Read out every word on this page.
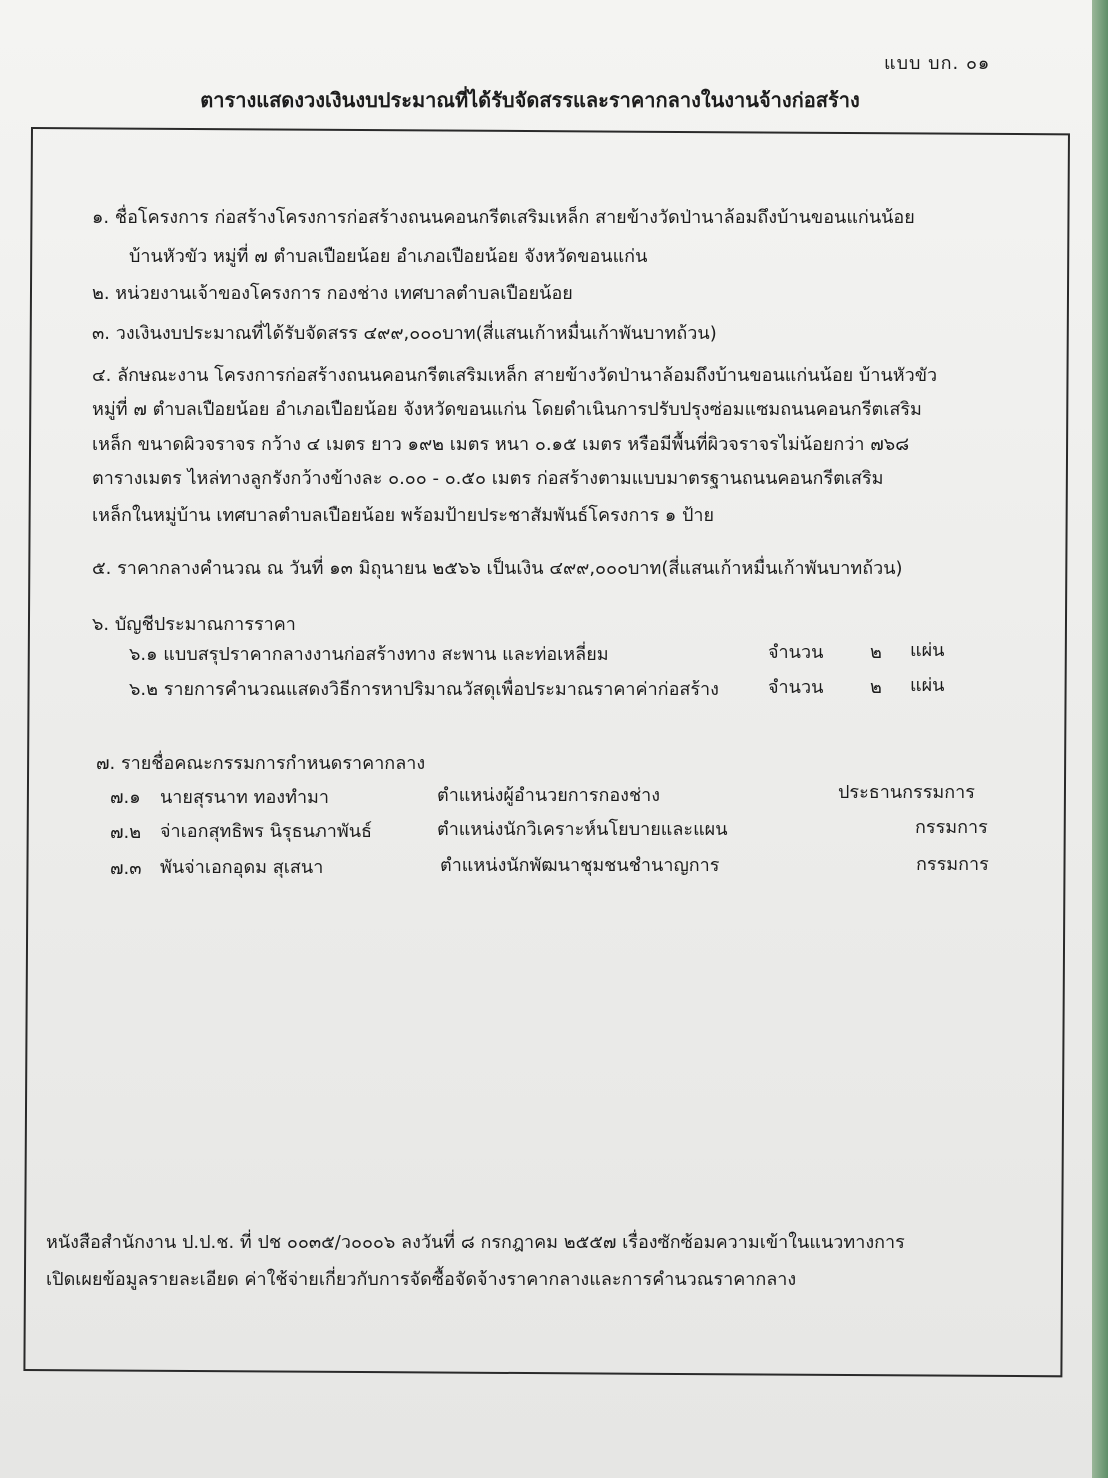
แบบ บก. ๐๑
ตารางแสดงวงเงินงบประมาณที่ได้รับจัดสรรและราคากลางในงานจ้างก่อสร้าง
๑. ชื่อโครงการ ก่อสร้างโครงการก่อสร้างถนนคอนกรีตเสริมเหล็ก สายข้างวัดป่านาล้อมถึงบ้านขอนแก่นน้อย
บ้านหัวขัว หมู่ที่ ๗ ตำบลเปือยน้อย อำเภอเปือยน้อย จังหวัดขอนแก่น
๒. หน่วยงานเจ้าของโครงการ กองช่าง เทศบาลตำบลเปือยน้อย
๓. วงเงินงบประมาณที่ได้รับจัดสรร ๔๙๙,๐๐๐บาท(สี่แสนเก้าหมื่นเก้าพันบาทถ้วน)
๔. ลักษณะงาน โครงการก่อสร้างถนนคอนกรีตเสริมเหล็ก สายข้างวัดป่านาล้อมถึงบ้านขอนแก่นน้อย บ้านหัวขัว
หมู่ที่ ๗ ตำบลเปือยน้อย อำเภอเปือยน้อย จังหวัดขอนแก่น โดยดำเนินการปรับปรุงซ่อมแซมถนนคอนกรีตเสริม
เหล็ก ขนาดผิวจราจร กว้าง ๔ เมตร ยาว ๑๙๒ เมตร หนา ๐.๑๕ เมตร หรือมีพื้นที่ผิวจราจรไม่น้อยกว่า ๗๖๘
ตารางเมตร ไหล่ทางลูกรังกว้างข้างละ ๐.๐๐ - ๐.๕๐ เมตร ก่อสร้างตามแบบมาตรฐานถนนคอนกรีตเสริม
เหล็กในหมู่บ้าน เทศบาลตำบลเปือยน้อย พร้อมป้ายประชาสัมพันธ์โครงการ ๑ ป้าย
๕. ราคากลางคำนวณ ณ วันที่ ๑๓ มิถุนายน ๒๕๖๖ เป็นเงิน ๔๙๙,๐๐๐บาท(สี่แสนเก้าหมื่นเก้าพันบาทถ้วน)
๖. บัญชีประมาณการราคา
๖.๑ แบบสรุปราคากลางงานก่อสร้างทาง สะพาน และท่อเหลี่ยม	จำนวน	๒ แผ่น
๖.๒ รายการคำนวณแสดงวิธีการหาปริมาณวัสดุเพื่อประมาณราคาค่าก่อสร้าง	จำนวน	๒ แผ่น
๗. รายชื่อคณะกรรมการกำหนดราคากลาง
๗.๑ นายสุรนาท ทองทำมา	ตำแหน่งผู้อำนวยการกองช่าง	ประธานกรรมการ
๗.๒ จ่าเอกสุทธิพร นิรุธนภาพันธ์	ตำแหน่งนักวิเคราะห์นโยบายและแผน	กรรมการ
๗.๓ พันจ่าเอกอุดม สุเสนา	ตำแหน่งนักพัฒนาชุมชนชำนาญการ	กรรมการ
หนังสือสำนักงาน ป.ป.ช. ที่ ปช ๐๐๓๕/ว๐๐๐๖ ลงวันที่ ๘ กรกฎาคม ๒๕๕๗ เรื่องซักซ้อมความเข้าในแนวทางการ
เปิดเผยข้อมูลรายละเอียด ค่าใช้จ่ายเกี่ยวกับการจัดซื้อจัดจ้างราคากลางและการคำนวณราคากลาง
